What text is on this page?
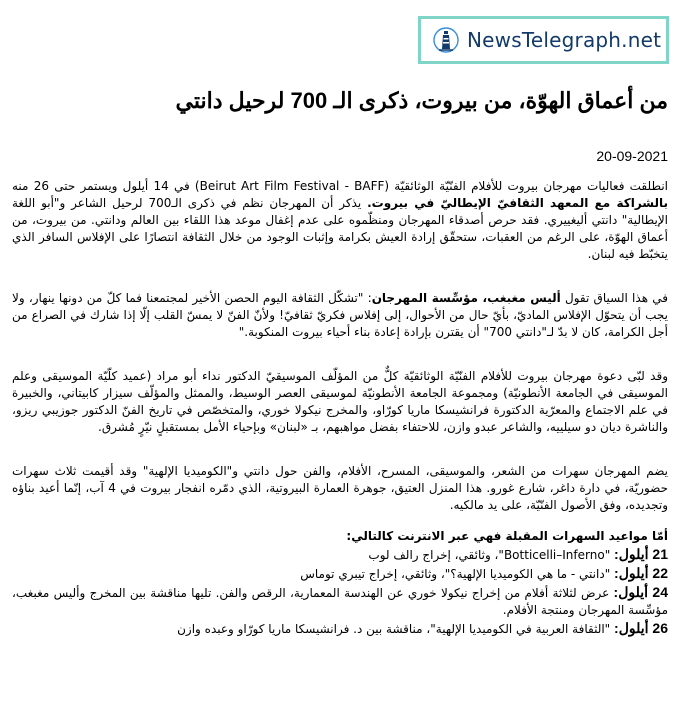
NewsTelegraph.net
من أعماق الهوّة، من بيروت، ذكرى الـ 700 لرحيل دانتي
20-09-2021

انطلقت فعاليات مهرجان بيروت للأفلام الفنّيّة الوثائقيّة (Beirut Art Film Festival - BAFF) في 14 أيلول ويستمر حتى 26 منه بالشراكة مع المعهد الثقافيّ الإيطاليّ في بيروت. يذكر أن المهرجان نظم في ذكرى الـ700 لرحيل الشاعر و"أبو اللغة الإيطالية" دانتي أليغييري. فقد حرص أصدقاء المهرجان ومنظّموه على عدم إغفال موعد هذا اللقاء بين العالم ودانتي. من بيروت، من أعماق الهوّة، على الرغم من العقبات، ستحقّق إرادة العيش بكرامة وإثبات الوجود من خلال الثقافة انتصارًا على الإفلاس السافر الذي يتخبّط فيه لبنان.

في هذا السياق تقول أليس مغبغب، مؤسِّسة المهرجان: "تشكّل الثقافة اليوم الحصن الأخير لمجتمعنا فما كلّ من دونها ينهار، ولا يجب أن يتحوّل الإفلاس الماديّ، بأيّ حال من الأحوال، إلى إفلاس فكريّ ثقافيّ! ولأنّ الفنّ لا يمسّ القلب إلّا إذا شارك في الصراع من أجل الكرامة، كان لا بدّ لـ"دانتي 700" أن يقترن بإرادة إعادة بناء أحياء بيروت المنكوبة."

وقد لبّى دعوة مهرجان بيروت للأفلام الفنّيّة الوثائقيّة كلٌّ من المؤلّف الموسيقيّ الدكتور نداء أبو مراد (عميد كلّيّة الموسيقى وعلم الموسيقى في الجامعة الأنطونيّة) ومجموعة الجامعة الأنطونيّة لموسيقى العصر الوسيط، والممثل والمؤلّف سيزار كابيتاني، والخبيرة في علم الاجتماع والمعرّية الدكتورة فرانشيسكا ماريا كورّاو، والمخرج نيكولا خوري، والمتخصّص في تاريخ الفنّ الدكتور جوزيبي ريزو، والناشرة ديان دو سيلييه، والشاعر عبدو وازن، للاحتفاء بفضل مواهبهم، بـ «لبنان» وبإحياء الأمل بمستقبلٍ نيّرٍ مُشرق.

يضم المهرجان سهرات من الشعر، والموسيقى، المسرح، الأفلام، والفن حول دانتي و"الكوميديا الإلهية" وقد أقيمت ثلاث سهرات حضوريّة، في دارة داغر، شارع غورو. هذا المنزل العتيق، جوهرة العمارة البيروتية، الذي دمّره انفجار بيروت في 4 آب، إنّما أعيد بناؤه وتجديده، وفق الأصول الفنّيّة، على يد مالكيه.

أمّا مواعيد السهرات المقبلة فهي عبر الانترنت كالتالي:
21 أيلول: "Botticelli–Inferno"، وثائقي، إخراج رالف لوب
22 أيلول: "دانتي - ما هي الكوميديا الإلهية؟"، وثائقي، إخراج تيبري توماس
24 أيلول: عرض لثلاثة أفلام من إخراج نيكولا خوري عن الهندسة المعمارية، الرقص والفن. تليها مناقشة بين المخرج وأليس مغبغب، مؤسِّسة المهرجان ومنتجة الأفلام.
26 أيلول: "الثقافة العربية في الكوميديا الإلهية"، مناقشة بين د. فرانشيسكا ماريا كورّاو وعبده وازن
